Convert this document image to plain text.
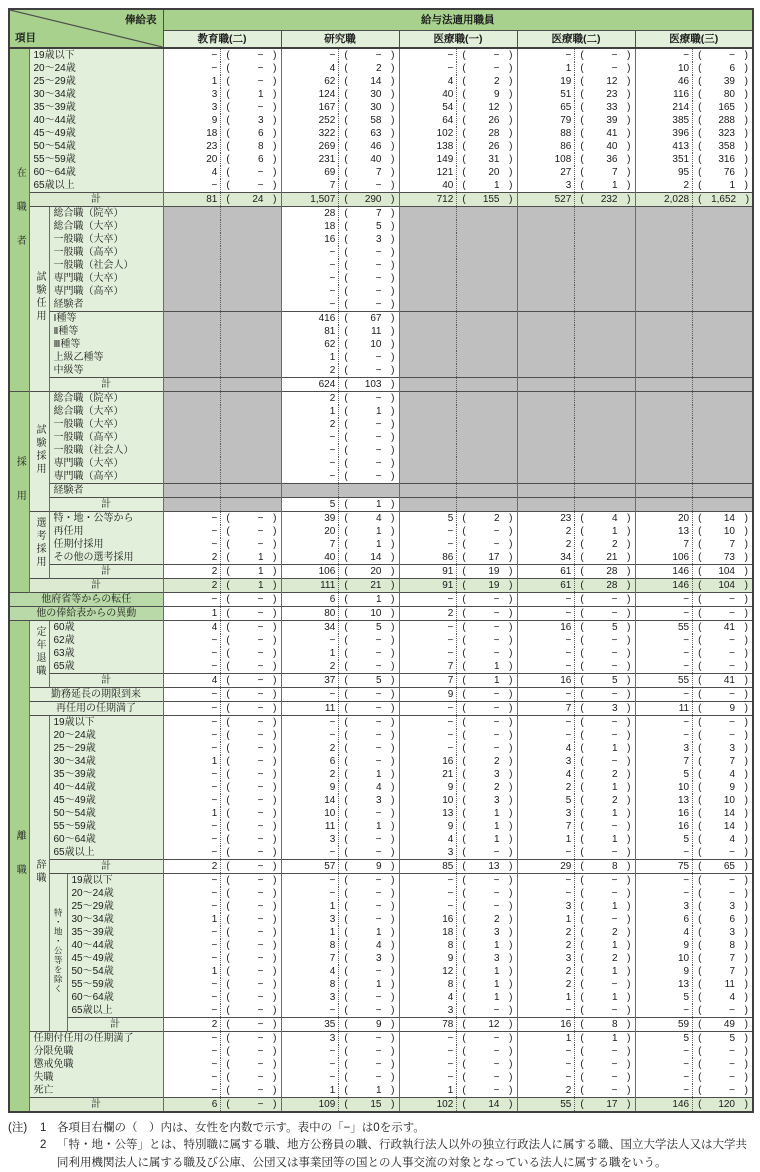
俸給表
項目				給与法適用職員				
				教育職(二)	研究職	医療職(一)	医療職(二)	医療職(三)
在職者	19歳以下			− ( − )	− ( − )	− ( − )	− ( − )	− ( − )

	20～24歳			− ( − )	4 ( 2 )	− ( − )	1 ( − )	10 ( 6 )

	25～29歳			1 ( − )	62 ( 14 )	4 ( 2 )	19 ( 12 )	46 ( 39 )

	30～34歳			3 ( 1 )	124 ( 30 )	40 ( 9 )	51 ( 23 )	116 ( 80 )

	35～39歳			3 ( − )	167 ( 30 )	54 ( 12 )	65 ( 33 )	214 ( 165 )

	40～44歳			9 ( 3 )	252 ( 58 )	64 ( 26 )	79 ( 39 )	385 ( 288 )

	45～49歳			18 ( 6 )	322 ( 63 )	102 ( 28 )	88 ( 41 )	396 ( 323 )

	50～54歳			23 ( 8 )	269 ( 46 )	138 ( 26 )	86 ( 40 )	413 ( 358 )

	55～59歳			20 ( 6 )	231 ( 40 )	149 ( 31 )	108 ( 36 )	351 ( 316 )

	60～64歳			4 ( − )	69 ( 7 )	121 ( 20 )	27 ( 7 )	95 ( 76 )

	65歳以上			− ( − )	7 ( − )	40 ( 1 )	3 ( 1 )	2 ( 1 )

	計			81 ( 24 )	1,507 ( 290 )	712 ( 155 )	527 ( 232 )	2,028 ( 1,652 )

	試験任用	総合職（院卒）			28 ( 7 )			

		総合職（大卒）			18 ( 5 )			

		一般職（大卒）			16 ( 3 )			

		一般職（高卒）			− ( − )			

		一般職（社会人）			− ( − )			

		専門職（大卒）			− ( − )			

		専門職（高卒）			− ( − )			

		経験者			− ( − )			

		Ⅰ種等			416 ( 67 )			

		Ⅱ種等			81 ( 11 )			

		Ⅲ種等			62 ( 10 )			

		上級乙種等			1 ( − )			

		中級等			2 ( − )			

		計			624 ( 103 )			

採用	試験採用	総合職（院卒）			2 ( − )			

		総合職（大卒）			1 ( 1 )			

		一般職（大卒）			2 ( − )			

		一般職（高卒）			− ( − )			

		一般職（社会人）			− ( − )			

		専門職（大卒）			− ( − )			

		専門職（高卒）			− ( − )			

		経験者		

		計			5 ( 1 )			

	選考採用	特・地・公等から		− ( − )	39 ( 4 )	5 ( 2 )	23 ( 4 )	20 ( 14 )

		再任用		− ( − )	20 ( 1 )	− ( − )	2 ( 1 )	13 ( 10 )

		任期付採用		− ( − )	7 ( 1 )	− ( − )	2 ( 2 )	7 ( 7 )

		その他の選考採用		2 ( 1 )	40 ( 14 )	86 ( 17 )	34 ( 21 )	106 ( 73 )

		計		2 ( 1 )	106 ( 20 )	91 ( 19 )	61 ( 28 )	146 ( 104 )

	計			2 ( 1 )	111 ( 21 )	91 ( 19 )	61 ( 28 )	146 ( 104 )

他府省等からの転任				− ( − )	6 ( 1 )	− ( − )	− ( − )	− ( − )

他の俸給表からの異動				1 ( − )	80 ( 10 )	2 ( − )	− ( − )	− ( − )

離職	定年退職	60歳		4 ( − )	34 ( 5 )	− ( − )	16 ( 5 )	55 ( 41 )

		62歳		− ( − )	− ( − )	− ( − )	− ( − )	− ( − )

		63歳		− ( − )	1 ( − )	− ( − )	− ( − )	− ( − )

		65歳		− ( − )	2 ( − )	7 ( 1 )	− ( − )	− ( − )

		計		4 ( − )	37 ( 5 )	7 ( 1 )	16 ( 5 )	55 ( 41 )

	勤務延長の期限到来			− ( − )	− ( − )	9 ( − )	− ( − )	− ( − )

	再任用の任期満了			− ( − )	11 ( − )	− ( − )	7 ( 3 )	11 ( 9 )

	辞職	19歳以下		− ( − )	− ( − )	− ( − )	− ( − )	− ( − )

		20～24歳		− ( − )	− ( − )	− ( − )	− ( − )	− ( − )

		25～29歳		− ( − )	2 ( − )	− ( − )	4 ( 1 )	3 ( 3 )

		30～34歳		1 ( − )	6 ( − )	16 ( 2 )	3 ( − )	7 ( 7 )

		35～39歳		− ( − )	2 ( 1 )	21 ( 3 )	4 ( 2 )	5 ( 4 )

		40～44歳		− ( − )	9 ( 4 )	9 ( 2 )	2 ( 1 )	10 ( 9 )

		45～49歳		− ( − )	14 ( 3 )	10 ( 3 )	5 ( 2 )	13 ( 10 )

		50～54歳		1 ( − )	10 ( − )	13 ( 1 )	3 ( 1 )	16 ( 14 )

		55～59歳		− ( − )	11 ( 1 )	9 ( 1 )	7 ( − )	16 ( 14 )

		60～64歳		− ( − )	3 ( − )	4 ( 1 )	1 ( 1 )	5 ( 4 )

		65歳以上		− ( − )	− ( − )	3 ( − )	− ( − )	− ( − )

		計		2 ( − )	57 ( 9 )	85 ( 13 )	29 ( 8 )	75 ( 65 )

		特・地・公等を除く	19歳以下	− ( − )	− ( − )	− ( − )	− ( − )	− ( − )

			20～24歳	− ( − )	− ( − )	− ( − )	− ( − )	− ( − )

			25～29歳	− ( − )	1 ( − )	− ( − )	3 ( 1 )	3 ( 3 )

			30～34歳	1 ( − )	3 ( − )	16 ( 2 )	1 ( − )	6 ( 6 )

			35～39歳	− ( − )	1 ( 1 )	18 ( 3 )	2 ( 2 )	4 ( 3 )

			40～44歳	− ( − )	8 ( 4 )	8 ( 1 )	2 ( 1 )	9 ( 8 )

			45～49歳	− ( − )	7 ( 3 )	9 ( 3 )	3 ( 2 )	10 ( 7 )

			50～54歳	1 ( − )	4 ( − )	12 ( 1 )	2 ( 1 )	9 ( 7 )

			55～59歳	− ( − )	8 ( 1 )	8 ( 1 )	2 ( − )	13 ( 11 )

			60～64歳	− ( − )	3 ( − )	4 ( 1 )	1 ( 1 )	5 ( 4 )

			65歳以上	− ( − )	− ( − )	3 ( − )	− ( − )	− ( − )

			計	2 ( − )	35 ( 9 )	78 ( 12 )	16 ( 8 )	59 ( 49 )

	任期付任用の任期満了			− ( − )	3 ( − )	− ( − )	1 ( 1 )	5 ( 5 )

	分限免職			− ( − )	− ( − )	− ( − )	− ( − )	− ( − )

	懲戒免職			− ( − )	− ( − )	− ( − )	− ( − )	− ( − )

	失職			− ( − )	− ( − )	− ( − )	− ( − )	− ( − )

	死亡			− ( − )	1 ( 1 )	1 ( − )	2 ( − )	− ( − )

	計			6 ( − )	109 ( 15 )	102 ( 14 )	55 ( 17 )	146 ( 120 )
(注)	1 各項目右欄の（　）内は、女性を内数で示す。表中の「−」は0を示す。
2 「特・地・公等」とは、特別職に属する職、地方公務員の職、行政執行法人以外の独立行政法人に属する職、国立大学法人又は大学共同利用機関法人に属する職及び公庫、公団又は事業団等の国との人事交流の対象となっている法人に属する職をいう。
